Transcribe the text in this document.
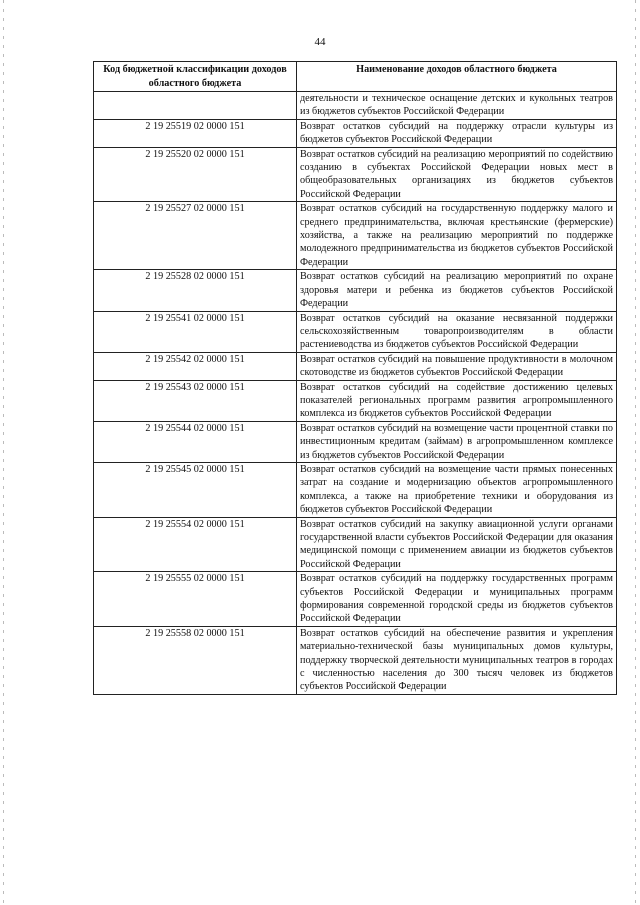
44
Код бюджетной классификации доходов областного бюджета	Наименование доходов областного бюджета
	деятельности и техническое оснащение детских и кукольных театров из бюджетов субъектов Российской Федерации
2 19 25519 02 0000 151	Возврат остатков субсидий на поддержку отрасли культуры из бюджетов субъектов Российской Федерации
2 19 25520 02 0000 151	Возврат остатков субсидий на реализацию мероприятий по содействию созданию в субъектах Российской Федерации новых мест в общеобразовательных организациях из бюджетов субъектов Российской Федерации
2 19 25527 02 0000 151	Возврат остатков субсидий на государственную поддержку малого и среднего предпринимательства, включая крестьянские (фермерские) хозяйства, а также на реализацию мероприятий по поддержке молодежного предпринимательства из бюджетов субъектов Российской Федерации
2 19 25528 02 0000 151	Возврат остатков субсидий на реализацию мероприятий по охране здоровья матери и ребенка из бюджетов субъектов Российской Федерации
2 19 25541 02 0000 151	Возврат остатков субсидий на оказание несвязанной поддержки сельскохозяйственным товаропроизводителям в области растениеводства из бюджетов субъектов Российской Федерации
2 19 25542 02 0000 151	Возврат остатков субсидий на повышение продуктивности в молочном скотоводстве из бюджетов субъектов Российской Федерации
2 19 25543 02 0000 151	Возврат остатков субсидий на содействие достижению целевых показателей региональных программ развития агропромышленного комплекса из бюджетов субъектов Российской Федерации
2 19 25544 02 0000 151	Возврат остатков субсидий на возмещение части процентной ставки по инвестиционным кредитам (займам) в агропромышленном комплексе из бюджетов субъектов Российской Федерации
2 19 25545 02 0000 151	Возврат остатков субсидий на возмещение части прямых понесенных затрат на создание и модернизацию объектов агропромышленного комплекса, а также на приобретение техники и оборудования из бюджетов субъектов Российской Федерации
2 19 25554 02 0000 151	Возврат остатков субсидий на закупку авиационной услуги органами государственной власти субъектов Российской Федерации для оказания медицинской помощи с применением авиации из бюджетов субъектов Российской Федерации
2 19 25555 02 0000 151	Возврат остатков субсидий на поддержку государственных программ субъектов Российской Федерации и муниципальных программ формирования современной городской среды из бюджетов субъектов Российской Федерации
2 19 25558 02 0000 151	Возврат остатков субсидий на обеспечение развития и укрепления материально-технической базы муниципальных домов культуры, поддержку творческой деятельности муниципальных театров в городах с численностью населения до 300 тысяч человек из бюджетов субъектов Российской Федерации
